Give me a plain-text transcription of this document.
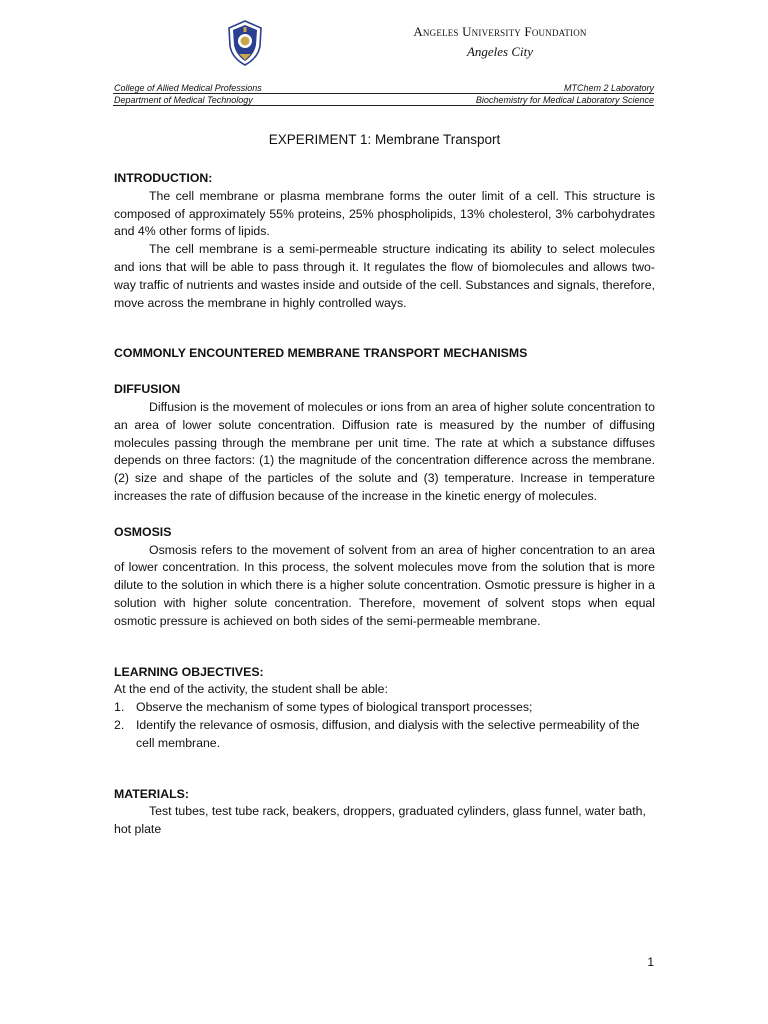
Angeles University Foundation
Angeles City
College of Allied Medical Professions	MTChem 2 Laboratory
Department of Medical Technology	Biochemistry for Medical Laboratory Science
EXPERIMENT 1: Membrane Transport
INTRODUCTION:

The cell membrane or plasma membrane forms the outer limit of a cell. This structure is composed of approximately 55% proteins, 25% phospholipids, 13% cholesterol, 3% carbohydrates and 4% other forms of lipids.

The cell membrane is a semi-permeable structure indicating its ability to select molecules and ions that will be able to pass through it. It regulates the flow of biomolecules and allows two-way traffic of nutrients and wastes inside and outside of the cell. Substances and signals, therefore, move across the membrane in highly controlled ways.

COMMONLY ENCOUNTERED MEMBRANE TRANSPORT MECHANISMS
DIFFUSION

Diffusion is the movement of molecules or ions from an area of higher solute concentration to an area of lower solute concentration. Diffusion rate is measured by the number of diffusing molecules passing through the membrane per unit time. The rate at which a substance diffuses depends on three factors: (1) the magnitude of the concentration difference across the membrane. (2) size and shape of the particles of the solute and (3) temperature. Increase in temperature increases the rate of diffusion because of the increase in the kinetic energy of molecules.

OSMOSIS

Osmosis refers to the movement of solvent from an area of higher concentration to an area of lower concentration. In this process, the solvent molecules move from the solution that is more dilute to the solution in which there is a higher solute concentration. Osmotic pressure is higher in a solution with higher solute concentration. Therefore, movement of solvent stops when equal osmotic pressure is achieved on both sides of the semi-permeable membrane.

LEARNING OBJECTIVES:

At the end of the activity, the student shall be able:

1. Observe the mechanism of some types of biological transport processes;
2. Identify the relevance of osmosis, diffusion, and dialysis with the selective permeability of the cell membrane.
MATERIALS:

Test tubes, test tube rack, beakers, droppers, graduated cylinders, glass funnel, water bath, hot plate

1
